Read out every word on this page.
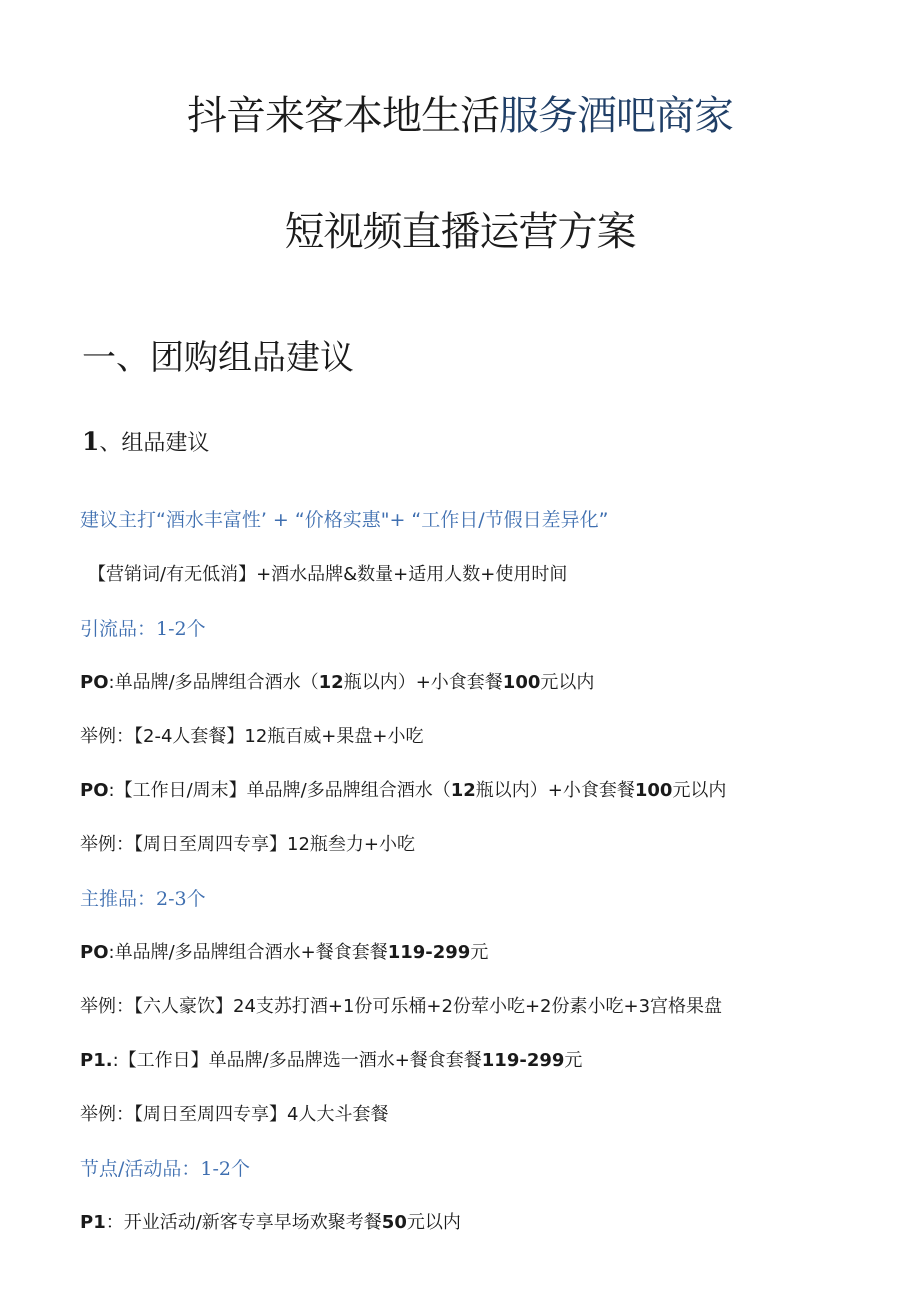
抖音来客本地生活服务酒吧商家
短视频直播运营方案
一、团购组品建议
1、组品建议
建议主打“酒水丰富性’ + “价格实惠"+ “工作日/节假日差异化”
【营销词/有无低消】+酒水品牌&数量+适用人数+使用时间
引流品：1-2个
PO:单品牌/多品牌组合酒水（12瓶以内）+小食套餐100元以内
举例：【2-4人套餐】12瓶百威+果盘+小吃
PO:【工作日/周末】单品牌/多品牌组合酒水（12瓶以内）+小食套餐100元以内
举例：【周日至周四专享】12瓶叁力+小吃
主推品：2-3个
PO:单品牌/多品牌组合酒水+餐食套餐119-299元
举例：【六人豪饮】24支苏打酒+1份可乐桶+2份荤小吃+2份素小吃+3宫格果盘
P1.:【工作日】单品牌/多品牌选一酒水+餐食套餐119-299元
举例：【周日至周四专享】4人大斗套餐
节点/活动品：1-2个
P1：开业活动/新客专享早场欢聚考餐50元以内
